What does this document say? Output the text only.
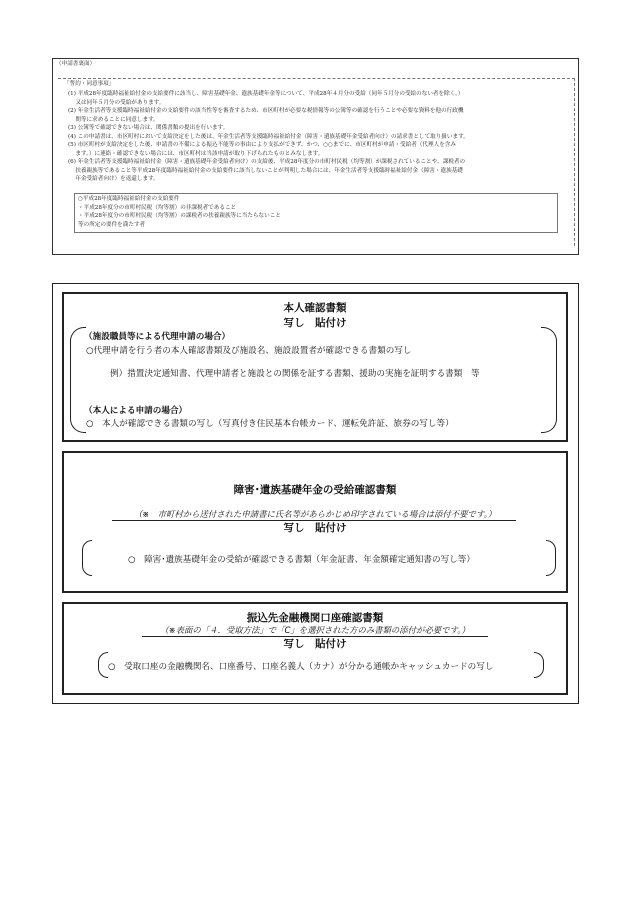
（申請書裏面）
「誓約・同意事項」
(1) 平成28年度臨時福祉給付金の支給要件に該当し、障害基礎年金、遺族基礎年金等について、平成28年４月分の受給（同年５月分の受給のない者を除く。）
　 又は同年５月分の受給があります。
(2) 年金生活者等支援臨時福祉給付金の支給要件の該当性等を審査するため、市区町村が必要な税情報等の公簿等の確認を行うことや必要な資料を他の行政機
　 関等に求めることに同意します。
(3) 公簿等で確認できない場合は、関係書類の提出を行います。
(4) この申請書は、市区町村において支給決定をした後は、年金生活者等支援臨時福祉給付金（障害・遺族基礎年金受給者向け）の請求書として取り扱います。
(5) 市区町村が支給決定をした後、申請書の不備による振込不能等の事由により支払ができず、かつ、○○までに、市区町村が申請・受給者（代理人を含み
　 ます。）に連絡・確認できない場合には、市区町村は当該申請が取り下げられたものとみなします。
(6) 年金生活者等支援臨時福祉給付金（障害・遺族基礎年金受給者向け）の支給後、平成28年度分の市町村民税（均等割）が課税されていることや、課税者の
　 扶養親族等であること等平成28年度臨時福祉給付金の支給要件に該当しないことが判明した場合には、年金生活者等支援臨時福祉給付金（障害・遺族基礎
　 年金受給者向け）を返還します。
○平成28年度臨時福祉給付金の支給要件
・平成28年度分の市町村民税（均等割）の非課税者であること
・平成28年度分の市町村民税（均等割）の課税者の扶養親族等に当たらないこと
等の所定の要件を満たす者
本人確認書類
写し　貼付け
（施設職員等による代理申請の場合）
○代理申請を行う者の本人確認書類及び施設名、施設設置者が確認できる書類の写し
例）措置決定通知書、代理申請者と施設との関係を証する書類、援助の実施を証明する書類　等
（本人による申請の場合）
○　本人が確認できる書類の写し（写真付き住民基本台帳カード、運転免許証、旅券の写し等）
障害･遺族基礎年金の受給確認書類
（※　市町村から送付された申請書に氏名等があらかじめ印字されている場合は添付不要です。）
写し　貼付け
○　障害･遺族基礎年金の受給が確認できる書類（年金証書、年金額確定通知書の写し等）
振込先金融機関口座確認書類
（※表面の「４．受取方法」で「C」を選択された方のみ書類の添付が必要です。）
写し　貼付け
○　受取口座の金融機関名、口座番号、口座名義人（カナ）が分かる通帳かキャッシュカードの写し
